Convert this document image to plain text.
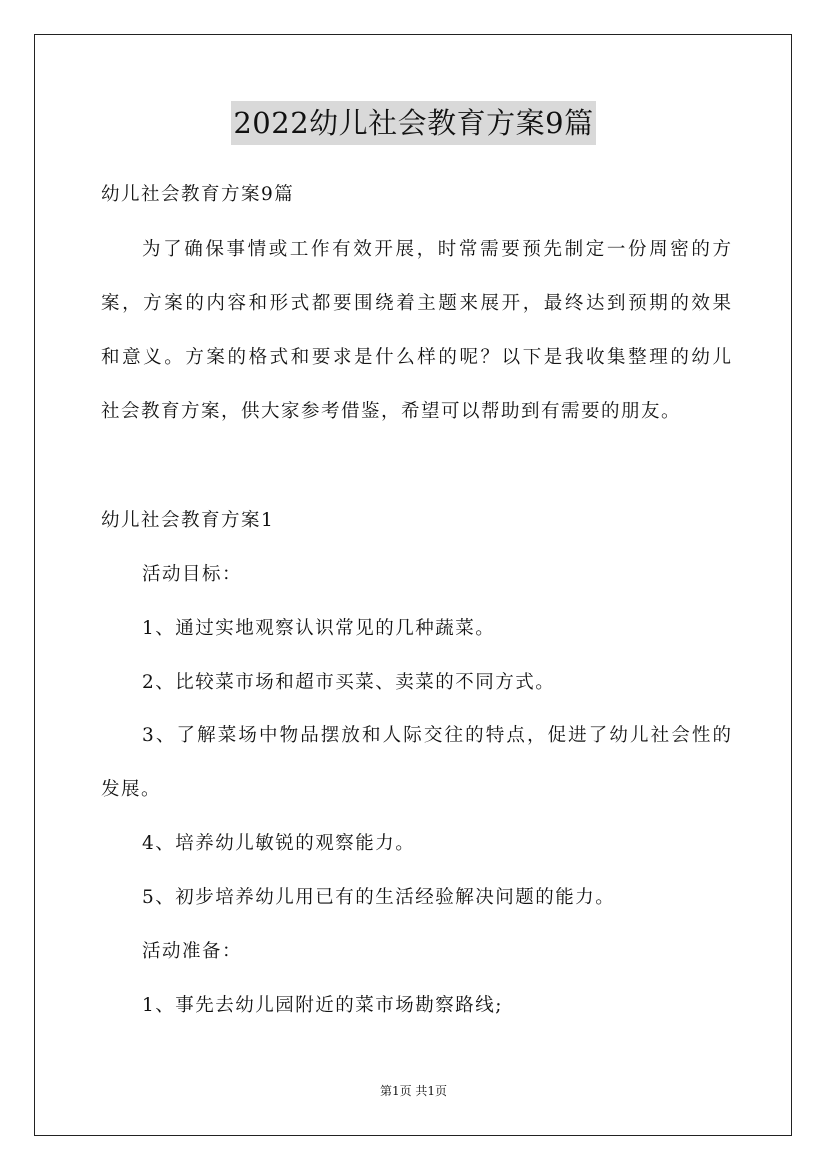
2022幼儿社会教育方案9篇
幼儿社会教育方案9篇
为了确保事情或工作有效开展，时常需要预先制定一份周密的方
案，方案的内容和形式都要围绕着主题来展开，最终达到预期的效果
和意义。方案的格式和要求是什么样的呢？以下是我收集整理的幼儿
社会教育方案，供大家参考借鉴，希望可以帮助到有需要的朋友。
幼儿社会教育方案1
活动目标：
1、通过实地观察认识常见的几种蔬菜。
2、比较菜市场和超市买菜、卖菜的不同方式。
3、了解菜场中物品摆放和人际交往的特点，促进了幼儿社会性的
发展。
4、培养幼儿敏锐的观察能力。
5、初步培养幼儿用已有的生活经验解决问题的能力。
活动准备：
1、事先去幼儿园附近的菜市场勘察路线;
第1页 共1页
